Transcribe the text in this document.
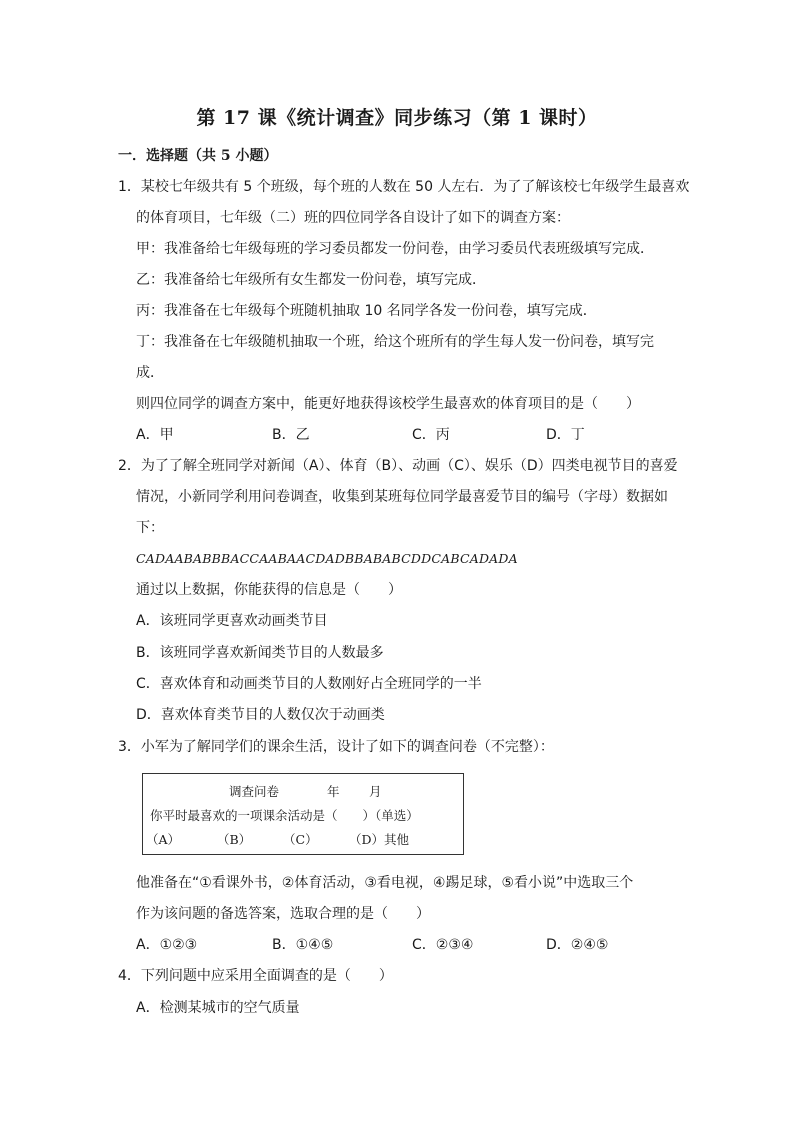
第 17 课《统计调查》同步练习（第 1 课时）
一．选择题（共 5 小题）
1．某校七年级共有 5 个班级，每个班的人数在 50 人左右．为了了解该校七年级学生最喜欢
的体育项目，七年级（二）班的四位同学各自设计了如下的调查方案：
甲：我准备给七年级每班的学习委员都发一份问卷，由学习委员代表班级填写完成．
乙：我准备给七年级所有女生都发一份问卷，填写完成．
丙：我准备在七年级每个班随机抽取 10 名同学各发一份问卷，填写完成．
丁：我准备在七年级随机抽取一个班，给这个班所有的学生每人发一份问卷，填写完
成．
则四位同学的调查方案中，能更好地获得该校学生最喜欢的体育项目的是（　　）
A．甲	B．乙	C．丙	D．丁
2．为了了解全班同学对新闻（A）、体育（B）、动画（C）、娱乐（D）四类电视节目的喜爱
情况，小新同学利用问卷调查，收集到某班每位同学最喜爱节目的编号（字母）数据如
下：
CADAABABBBACCAABAACDADBBABABCDDCABCADADA
通过以上数据，你能获得的信息是（　　）
A．该班同学更喜欢动画类节目
B．该班同学喜欢新闻类节目的人数最多
C．喜欢体育和动画类节目的人数刚好占全班同学的一半
D．喜欢体育类节目的人数仅次于动画类
3．小军为了解同学们的课余生活，设计了如下的调查问卷（不完整）：
调查问卷	年 月
你平时最喜欢的一项课余活动是（　　）（单选）
（A）	（B）	（C）	（D）其他
他准备在“①看课外书，②体育活动，③看电视，④踢足球，⑤看小说”中选取三个
作为该问题的备选答案，选取合理的是（　　）
A．①②③	B．①④⑤	C．②③④	D．②④⑤
4．下列问题中应采用全面调查的是（　　）
A．检测某城市的空气质量
